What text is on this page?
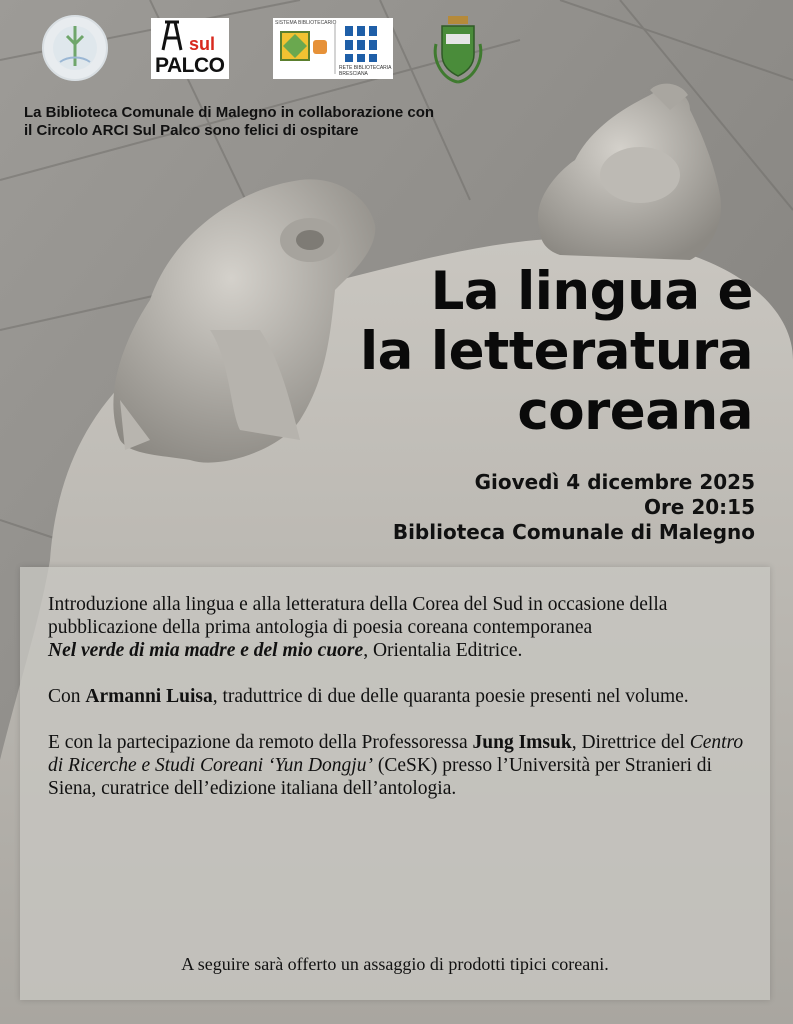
sul
PALCO
SISTEMA BIBLIOTECARIO
RETE BIBLIOTECARIA BRESCIANA
La Biblioteca Comunale di Malegno in collaborazione con
il Circolo ARCI Sul Palco sono felici di ospitare
La lingua e
la letteratura
coreana
Giovedì 4 dicembre 2025
Ore 20:15
Biblioteca Comunale di Malegno

Introduzione alla lingua e alla letteratura della Corea del Sud in occasione della pubblicazione della prima antologia di poesia coreana contemporanea
Nel verde di mia madre e del mio cuore, Orientalia Editrice.

Con Armanni Luisa, traduttrice di due delle quaranta poesie presenti nel volume.

E con la partecipazione da remoto della Professoressa Jung Imsuk, Direttrice del Centro di Ricerche e Studi Coreani ‘Yun Dongju’ (CeSK) presso l’Università per Stranieri di Siena, curatrice dell’edizione italiana dell’antologia.

A seguire sarà offerto un assaggio di prodotti tipici coreani.
